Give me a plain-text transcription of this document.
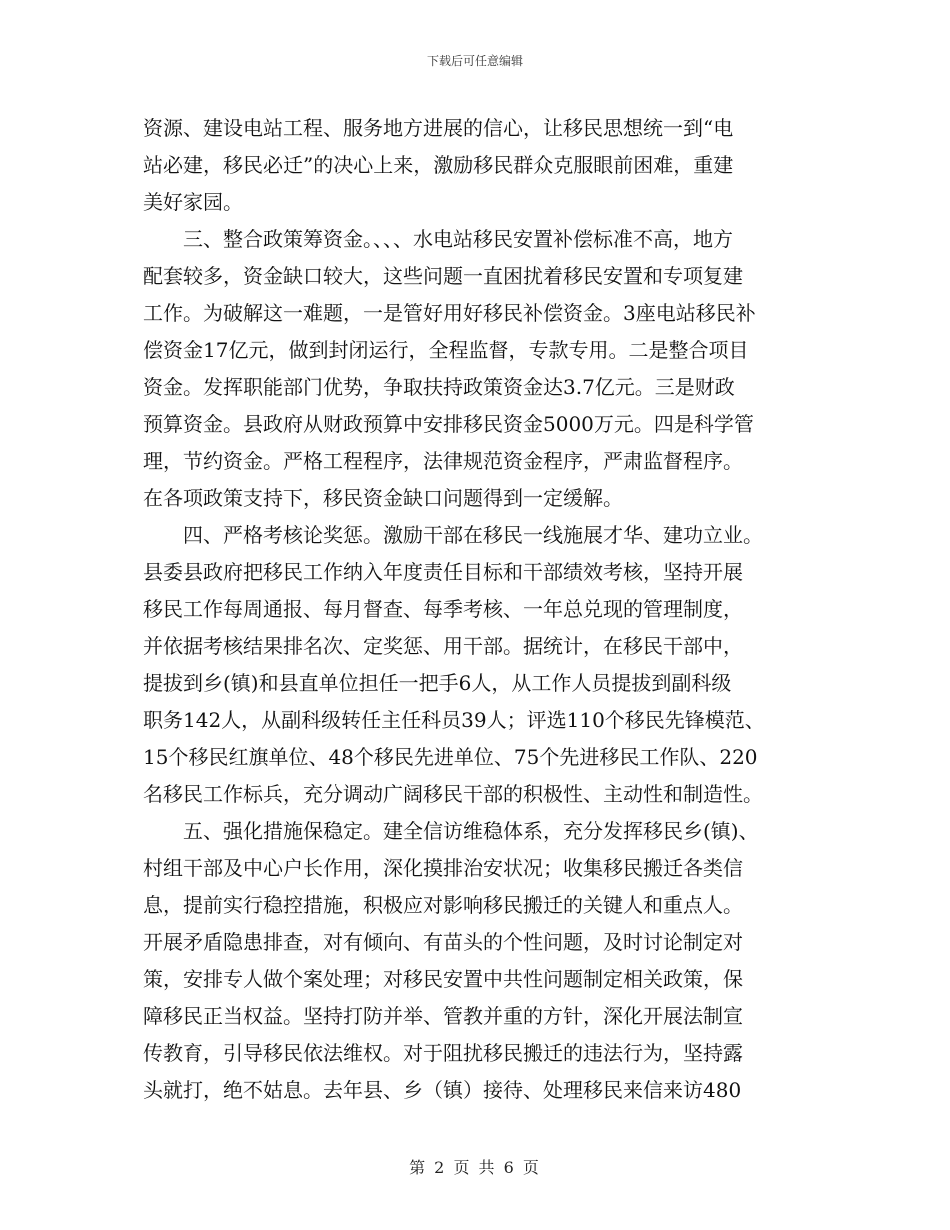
下载后可任意编辑
资源、建设电站工程、服务地方进展的信心，让移民思想统一到“电
站必建，移民必迁”的决心上来，激励移民群众克服眼前困难，重建
美好家园。
　　三、整合政策筹资金。、、、水电站移民安置补偿标准不高，地方
配套较多，资金缺口较大，这些问题一直困扰着移民安置和专项复建
工作。为破解这一难题，一是管好用好移民补偿资金。3座电站移民补
偿资金17亿元，做到封闭运行，全程监督，专款专用。二是整合项目
资金。发挥职能部门优势，争取扶持政策资金达3.7亿元。三是财政
预算资金。县政府从财政预算中安排移民资金5000万元。四是科学管
理，节约资金。严格工程程序，法律规范资金程序，严肃监督程序。
在各项政策支持下，移民资金缺口问题得到一定缓解。
　　四、严格考核论奖惩。激励干部在移民一线施展才华、建功立业。
县委县政府把移民工作纳入年度责任目标和干部绩效考核，坚持开展
移民工作每周通报、每月督查、每季考核、一年总兑现的管理制度，
并依据考核结果排名次、定奖惩、用干部。据统计，在移民干部中，
提拔到乡(镇)和县直单位担任一把手6人，从工作人员提拔到副科级
职务142人，从副科级转任主任科员39人；评选110个移民先锋模范、
15个移民红旗单位、48个移民先进单位、75个先进移民工作队、220
名移民工作标兵，充分调动广阔移民干部的积极性、主动性和制造性。
　　五、强化措施保稳定。建全信访维稳体系，充分发挥移民乡(镇)、
村组干部及中心户长作用，深化摸排治安状况；收集移民搬迁各类信
息，提前实行稳控措施，积极应对影响移民搬迁的关键人和重点人。
开展矛盾隐患排查，对有倾向、有苗头的个性问题，及时讨论制定对
策，安排专人做个案处理；对移民安置中共性问题制定相关政策，保
障移民正当权益。坚持打防并举、管教并重的方针，深化开展法制宣
传教育，引导移民依法维权。对于阻扰移民搬迁的违法行为，坚持露
头就打，绝不姑息。去年县、乡（镇）接待、处理移民来信来访480
第 2 页 共 6 页
